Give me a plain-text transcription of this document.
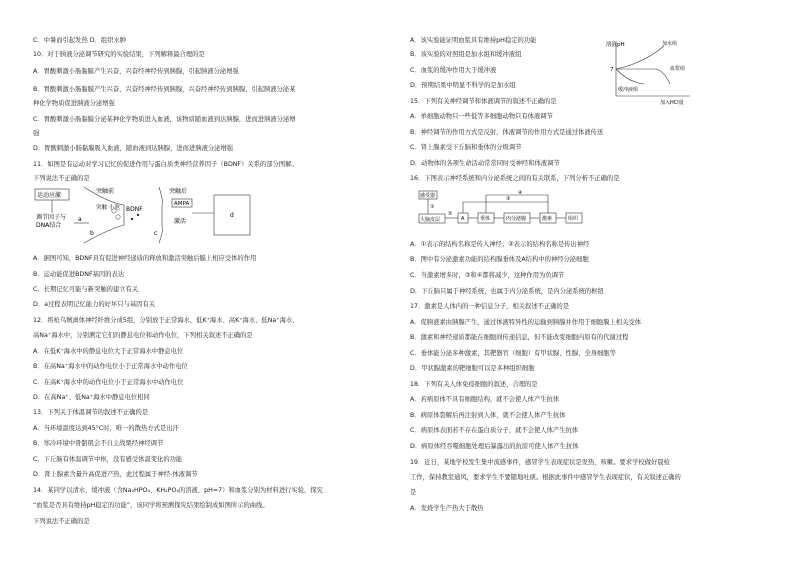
C．中暑而引起发热 D．组织水肿
10．对于胰液分泌调节研究的实验结果，下列解释最合理的是
A．胃酸刺激小肠黏膜产生兴奋，兴奋经神经传到胰腺，引起胰液分泌增强
B．胃酸刺激小肠黏膜产生兴奋，兴奋经神经传到胰腺，兴奋经神经传到胰腺，引起胰液分泌某
种化学物质促进胰液分泌增强
C．胃酸刺激小肠黏膜分泌某种化学物质进入血液，该物质随血液到达胰腺，进而进胰液分泌增
强
D．胃酸刺激小肠黏膜吸入血液，随血液到达胰腺，进而进胰液分泌增强
11．如图是有运动对学习记忆的促进作用与蛋白质类神经营养因子（BDNF）关系的部分图解。
下列说法不正确的是
A．据图可知，BDNF具有促进神经递质的释放和激活突触后膜上相应受体的作用
B．运动能促进BDNF基因的表达
C．长期记忆可能与新突触的建立有关
D．a过程表明记忆能力的好坏只与基因有关
12．将枪乌贼离体神经纤维分成5组，分别放于正常海水，低K⁺海水、高K⁺海水、低Na⁺海水、
高Na⁺海水中，分别测定它们的静息电位和动作电位，下列相关叙述不正确的是
A．在低K⁺海水中的静息电位大于正常海水中静息电位
B．在高Na⁺海水中的动作电位小于正常海水中动作电位
C．在高K⁺海水中的动作电位小于正常海水中动作电位
D．在高Na⁺、低Na⁺海水中静息电位相同
13．下列关于体温调节的叙述不正确的是
A．当环境温度达到45°C时，唯一的散热方式是出汗
B．寒冷环境中骨骼肌会不自主战栗经神经调节
C．下丘脑有体温调节中枢，没有感受体温变化的功能
D．肾上腺素含量升高促进产热，此过程属于神经-体液调节
14．某同学以清水、缓冲液（含Na₂HPO₄、KH₂PO₄的溶液，pH=7）和血浆分别为材料进行实验，探究
“血浆是否具有维持pH稳定的功能”，该同学将预测探究结果绘制成如图所示的曲线。
下列说法不正确的是
运动应激
调节因子与
DNA结合
a
突触前
突触 小泡
b
BDNF
突触后
AMPA
激活
c
d
A．该实验能证明血浆具有维持pH稳定的功能
B．该实验的对照组是加水组和缓冲液组
C．血浆的缓冲作用大于缓冲液
D．预期结果中明显不科学的是加水组
15．下列有关神经调节和体液调节的叙述不正确的是
A．单细胞动物只一些低等多细胞动物只有体液调节
B．神经调节的作用方式是反射，体液调节的作用方式是通过体液传送
C．肾上腺素受下丘脑和垂体的分级调节
D．动物体的各项生命活动常常同时受神经和体液调节
16．下图表示神经系统和内分泌系统之间的有关联系，下列分析不正确的是
A．①表示的结构名称是传入神经；②表示的结构名称是传出神经
B．图中有分泌激素功能的结构腺垂体及A结构中的神经分泌细胞
C．当激素增多时，③和④都将减少，这种作用为负调节
D．下丘脑只属于神经系统，也属于内分泌系统，是内分泌系统的枢纽
17．激素是人体内的一种信息分子，相关叙述不正确的是
A．促胰液素由胰腺产生，通过体液特异性的运输到胰腺并作用于细胞膜上相关受体
B．激素和神经递质都能在细胞间传递信息，但不能改变细胞内原有的代谢过程
C．垂体能分泌多种激素，其靶器官（细胞）有甲状腺、性腺、全身细胞等
D．甲状腺激素的靶细胞可以是多种组织细胞
18．下列有关人体免疫细胞的叙述，合理的是
A．若病原体不具有细胞结构，就不会使人体产生抗体
B．病原体裂解后再注射到人体，就不会使人体产生抗体
C．病原体表面若不存在蛋白质分子，就不会使人体产生抗体
D．病原体经吞噬细胞处理后暴露出的抗原可使人体产生抗体
19．近日，某地学校发生集中流感事件，感冒学生表现症状是发热、咳嗽。要求学校做好晨检
工作，保持教室通风，要求学生不要随地吐痰。根据此事件中感冒学生表现症状，有关叙述正确的
是
A．发烧学生产热大于散热
溶液pH
7
加水组
血浆组
缓冲液组
加入HCl量
感受器
①
大脑皮层
②
A	垂体	内分泌腺	激素	组织
③
④
